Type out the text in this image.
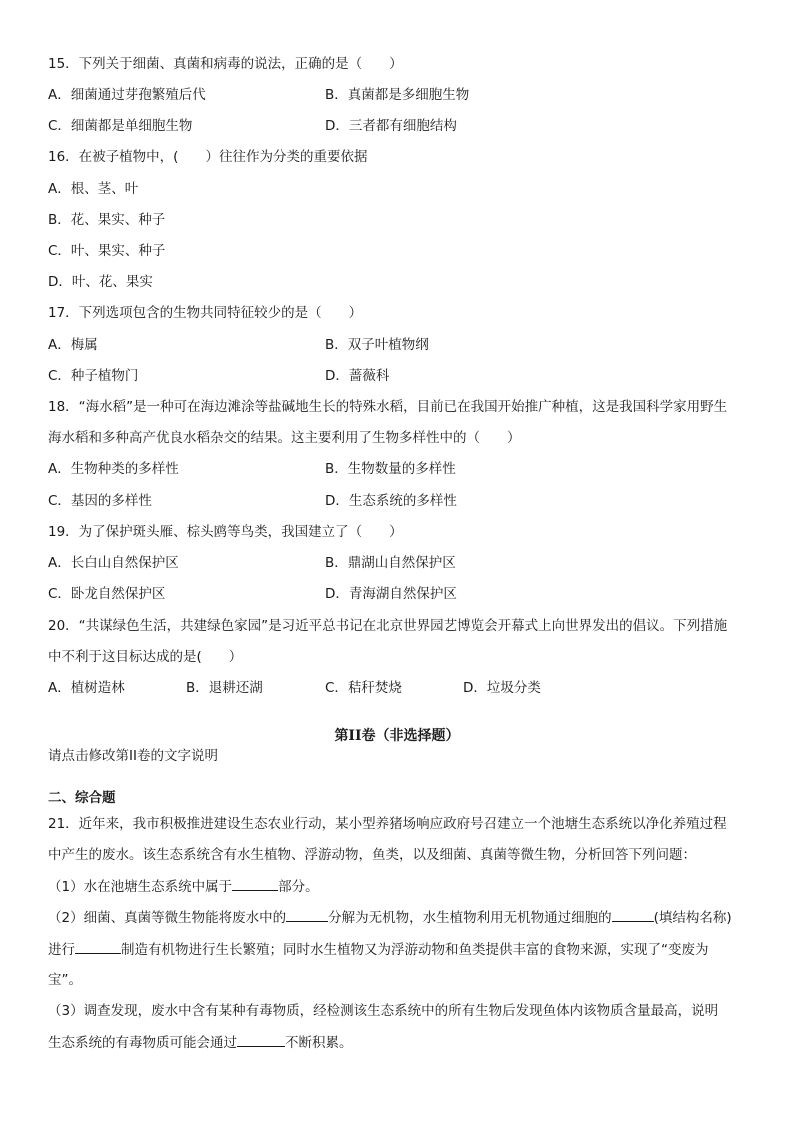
15．下列关于细菌、真菌和病毒的说法，正确的是（　　）
A．细菌通过芽孢繁殖后代	B．真菌都是多细胞生物
C．细菌都是单细胞生物	D．三者都有细胞结构
16．在被子植物中，(　　）往往作为分类的重要依据
A．根、茎、叶
B．花、果实、种子
C．叶、果实、种子
D．叶、花、果实
17．下列选项包含的生物共同特征较少的是（　　）
A．梅属	B．双子叶植物纲
C．种子植物门	D．蔷薇科
18．“海水稻”是一种可在海边滩涂等盐碱地生长的特殊水稻，目前已在我国开始推广种植，这是我国科学家用野生
海水稻和多种高产优良水稻杂交的结果。这主要利用了生物多样性中的（　　）
A．生物种类的多样性	B．生物数量的多样性
C．基因的多样性	D．生态系统的多样性
19．为了保护斑头雁、棕头鸥等鸟类，我国建立了（　　）
A．长白山自然保护区	B．鼎湖山自然保护区
C．卧龙自然保护区	D．青海湖自然保护区
20．“共谋绿色生活，共建绿色家园”是习近平总书记在北京世界园艺博览会开幕式上向世界发出的倡议。下列措施
中不利于这目标达成的是(　　）
A．植树造林	B．退耕还湖	C．秸秆焚烧	D．垃圾分类
第II卷（非选择题）
请点击修改第II卷的文字说明
二、综合题
21．近年来，我市积极推进建设生态农业行动，某小型养猪场响应政府号召建立一个池塘生态系统以净化养殖过程
中产生的废水。该生态系统含有水生植物、浮游动物，鱼类，以及细菌、真菌等微生物，分析回答下列问题：
（1）水在池塘生态系统中属于	部分。
（2）细菌、真菌等微生物能将废水中的	分解为无机物，水生植物利用无机物通过细胞的	(填结构名称)
进行	制造有机物进行生长繁殖；同时水生植物又为浮游动物和鱼类提供丰富的食物来源，实现了“变废为
宝”。
（3）调查发现，废水中含有某种有毒物质，经检测该生态系统中的所有生物后发现鱼体内该物质含量最高，说明
生态系统的有毒物质可能会通过	不断积累。
